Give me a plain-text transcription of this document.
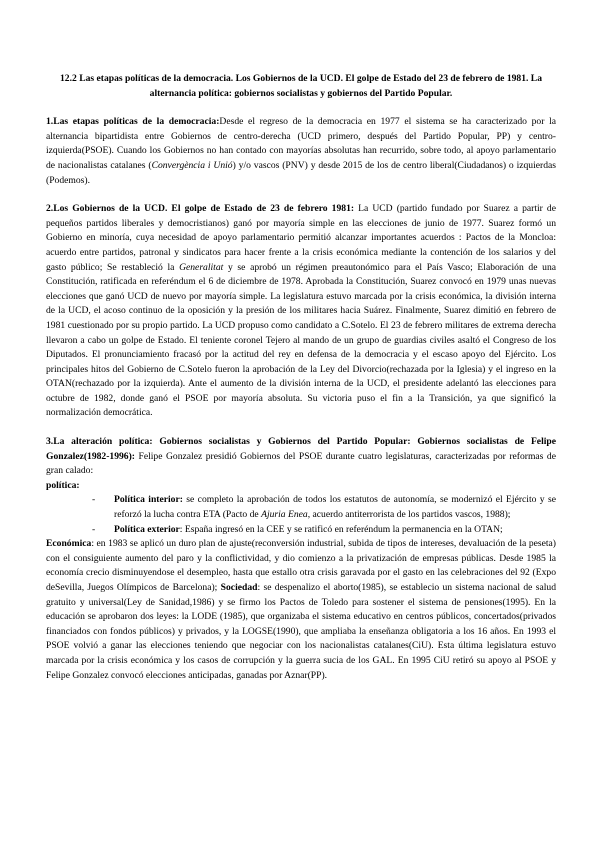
12.2 Las etapas políticas de la democracia. Los Gobiernos de la UCD. El golpe de Estado del 23 de febrero de 1981. La alternancia política: gobiernos socialistas y gobiernos del Partido Popular.

1.Las etapas políticas de la democracia:Desde el regreso de la democracia en 1977 el sistema se ha caracterizado por la alternancia bipartidista entre Gobiernos de centro-derecha (UCD primero, después del Partido Popular, PP) y centro-izquierda(PSOE). Cuando los Gobiernos no han contado con mayorías absolutas han recurrido, sobre todo, al apoyo parlamentario de nacionalistas catalanes (Convergència i Unió) y/o vascos (PNV) y desde 2015 de los de centro liberal(Ciudadanos) o izquierdas (Podemos).

2.Los Gobiernos de la UCD. El golpe de Estado de 23 de febrero 1981: La UCD (partido fundado por Suarez a partir de pequeños partidos liberales y democristianos) ganó por mayoría simple en las elecciones de junio de 1977. Suarez formó un Gobierno en minoría, cuya necesidad de apoyo parlamentario permitió alcanzar importantes acuerdos : Pactos de la Moncloa: acuerdo entre partidos, patronal y sindicatos para hacer frente a la crisis económica mediante la contención de los salarios y del gasto público; Se restableció la Generalitat y se aprobó un régimen preautonómico para el País Vasco; Elaboración de una Constitución, ratificada en referéndum el 6 de diciembre de 1978. Aprobada la Constitución, Suarez convocó en 1979 unas nuevas elecciones que ganó UCD de nuevo por mayoría simple. La legislatura estuvo marcada por la crisis económica, la división interna de la UCD, el acoso continuo de la oposición y la presión de los militares hacia Suárez. Finalmente, Suarez dimitió en febrero de 1981 cuestionado por su propio partido. La UCD propuso como candidato a C.Sotelo. El 23 de febrero militares de extrema derecha llevaron a cabo un golpe de Estado. El teniente coronel Tejero al mando de un grupo de guardias civiles asaltó el Congreso de los Diputados. El pronunciamiento fracasó por la actitud del rey en defensa de la democracia y el escaso apoyo del Ejército. Los principales hitos del Gobierno de C.Sotelo fueron la aprobación de la Ley del Divorcio(rechazada por la Iglesia) y el ingreso en la OTAN(rechazado por la izquierda). Ante el aumento de la división interna de la UCD, el presidente adelantó las elecciones para octubre de 1982, donde ganó el PSOE por mayoría absoluta. Su victoria puso el fin a la Transición, ya que significó la normalización democrática.

3.La alteración política: Gobiernos socialistas y Gobiernos del Partido Popular: Gobiernos socialistas de Felipe Gonzalez(1982-1996): Felipe Gonzalez presidió Gobiernos del PSOE durante cuatro legislaturas, caracterizadas por reformas de gran calado:

política:

- Política interior: se completo la aprobación de todos los estatutos de autonomía, se modernizó el Ejército y se reforzó la lucha contra ETA (Pacto de Ajuria Enea, acuerdo antiterrorista de los partidos vascos, 1988);
- Política exterior: España ingresó en la CEE y se ratificó en referéndum la permanencia en la OTAN;

Económica: en 1983 se aplicó un duro plan de ajuste(reconversión industrial, subida de tipos de intereses, devaluación de la peseta) con el consiguiente aumento del paro y la conflictividad, y dio comienzo a la privatización de empresas públicas. Desde 1985 la economía crecio disminuyendose el desempleo, hasta que estallo otra crisis garavada por el gasto en las celebraciones del 92 (Expo deSevilla, Juegos Olímpicos de Barcelona); Sociedad: se despenalizo el aborto(1985), se establecio un sistema nacional de salud gratuito y universal(Ley de Sanidad,1986) y se firmo los Pactos de Toledo para sostener el sistema de pensiones(1995). En la educación se aprobaron dos leyes: la LODE (1985), que organizaba el sistema educativo en centros públicos, concertados(privados financiados con fondos públicos) y privados, y la LOGSE(1990), que ampliaba la enseñanza obligatoria a los 16 años. En 1993 el PSOE volvió a ganar las elecciones teniendo que negociar con los nacionalistas catalanes(CiU). Esta última legislatura estuvo marcada por la crisis económica y los casos de corrupción y la guerra sucia de los GAL. En 1995 CiU retiró su apoyo al PSOE y Felipe Gonzalez convocó elecciones anticipadas, ganadas por Aznar(PP).
